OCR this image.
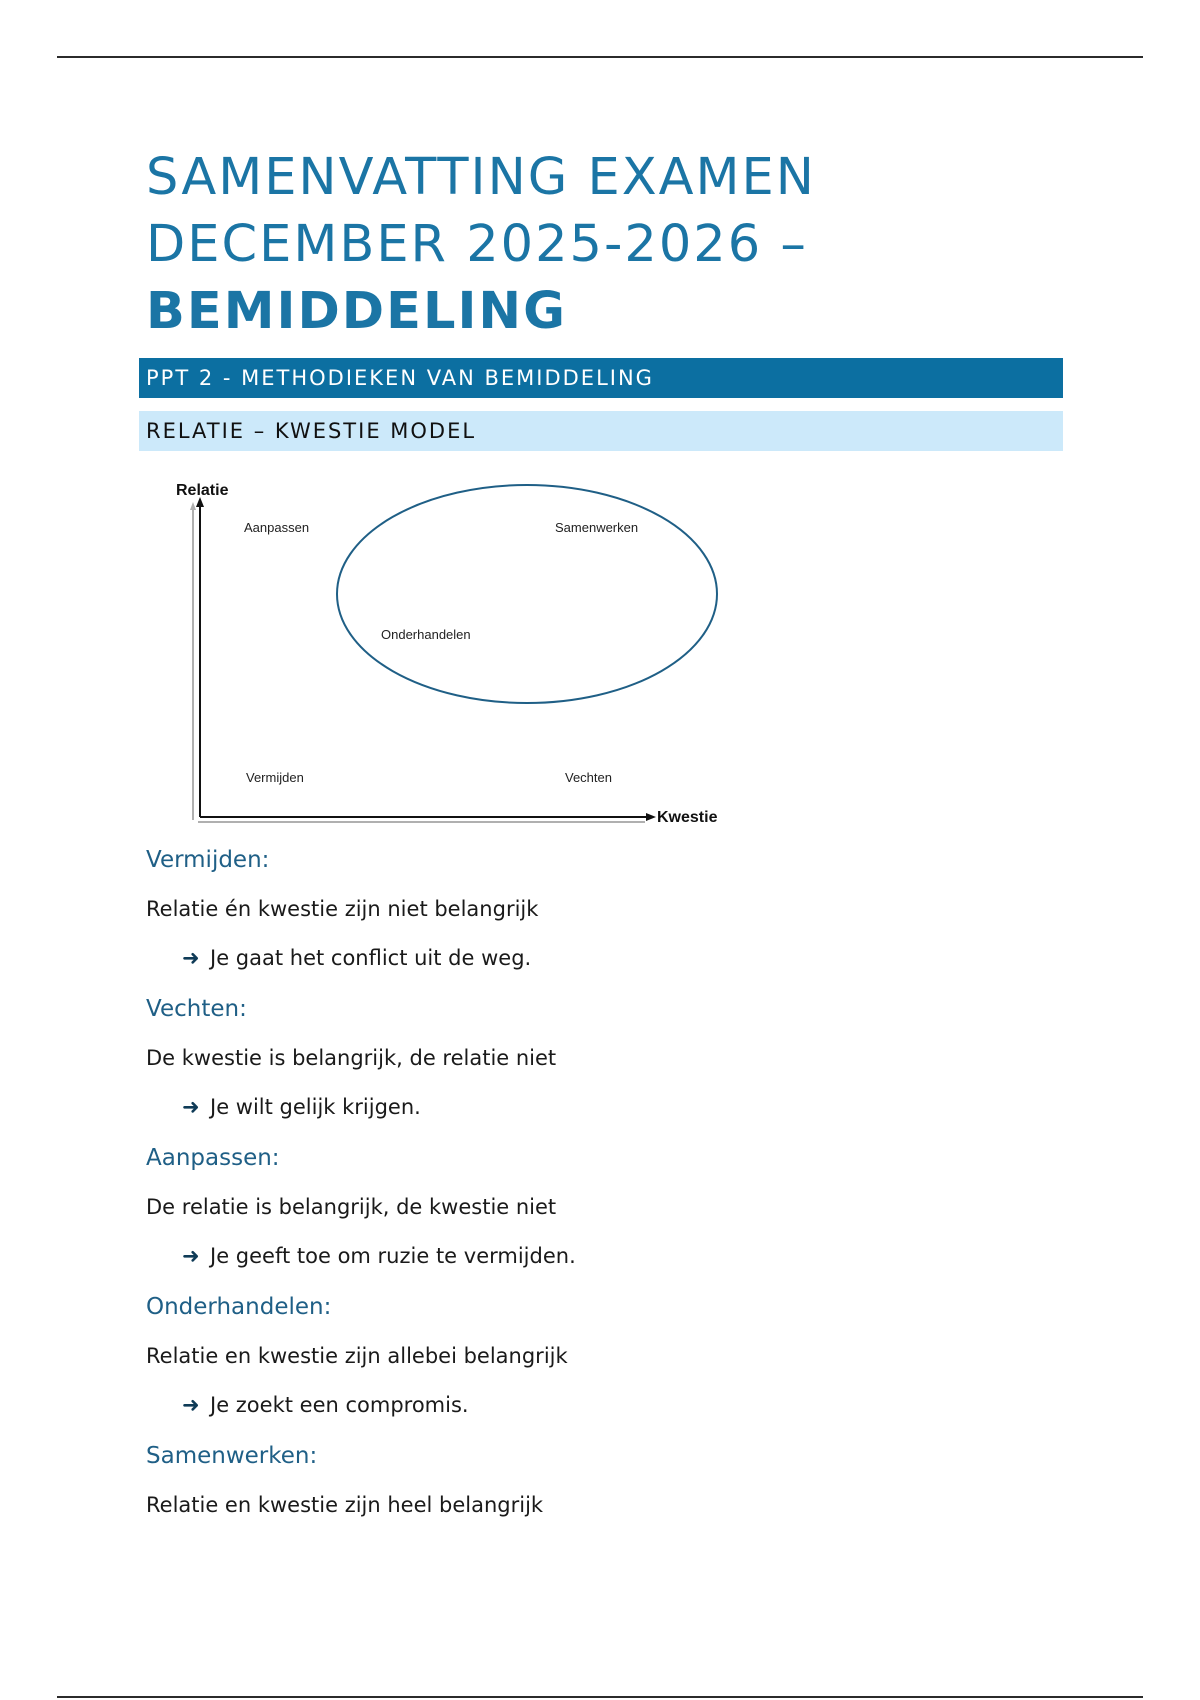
SAMENVATTING EXAMEN
DECEMBER 2025-2026 –
BEMIDDELING
PPT 2 - METHODIEKEN VAN BEMIDDELING
RELATIE – KWESTIE MODEL
Relatie
Kwestie
Aanpassen	Samenwerken
Onderhandelen
Vermijden	Vechten
Vermijden:

Relatie én kwestie zijn niet belangrijk

➜ Je gaat het conflict uit de weg.

Vechten:

De kwestie is belangrijk, de relatie niet

➜ Je wilt gelijk krijgen.

Aanpassen:

De relatie is belangrijk, de kwestie niet

➜ Je geeft toe om ruzie te vermijden.

Onderhandelen:

Relatie en kwestie zijn allebei belangrijk

➜ Je zoekt een compromis.

Samenwerken:

Relatie en kwestie zijn heel belangrijk
